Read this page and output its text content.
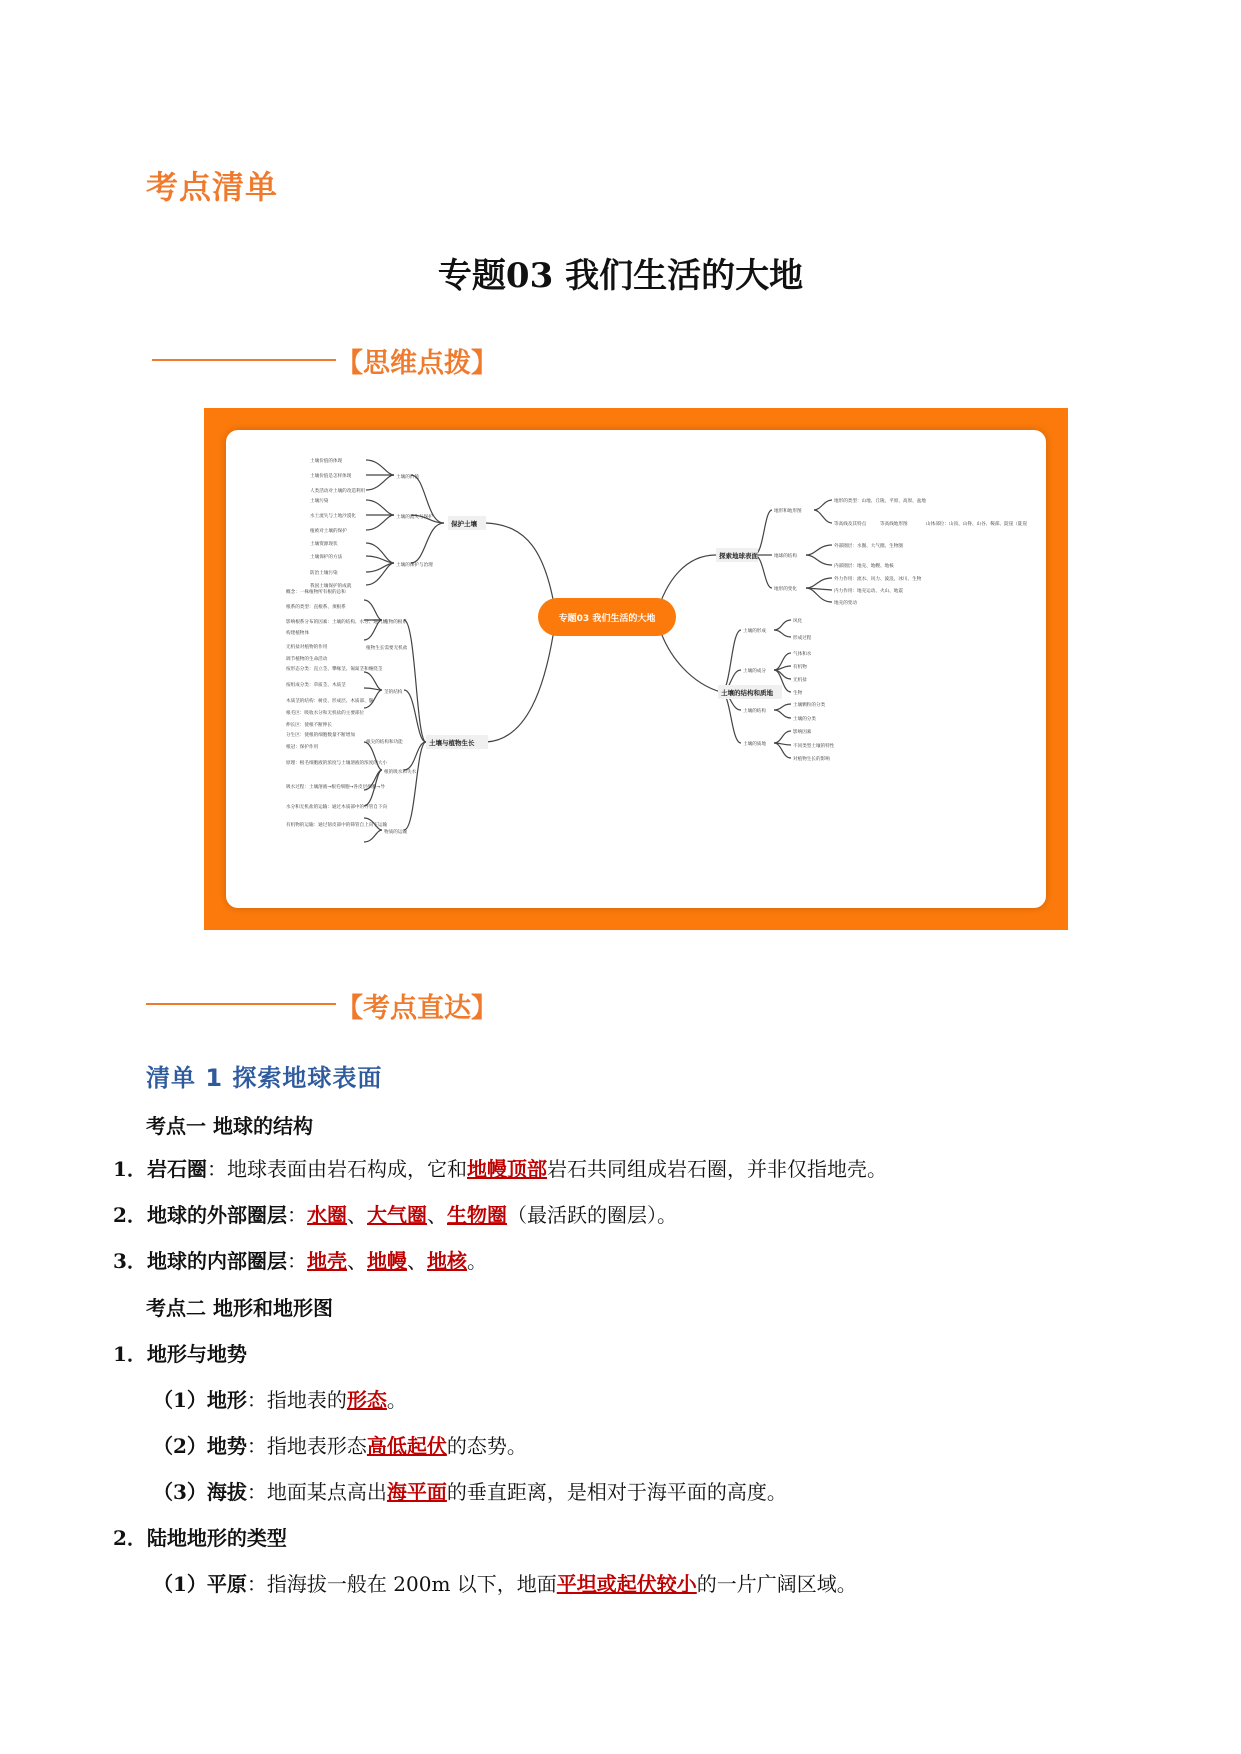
考点清单
专题03 我们生活的大地
【思维点拨】
专题03 我们生活的大地
保护土壤
土壤与植物生长
探索地球表面
土壤的结构和质地
土壤的价值
土壤的流失与保护
土壤的保护与治理
土壤价值的体现
土壤价值是怎样体现
人类活动对土壤的改造利用
土壤污染
水土流失与土地沙漠化
植被对土壤的保护
土壤资源现状
土壤保护的方法
防治土壤污染
我国土壤保护的成就
植物的根系
茎的结构
根的吸水和失水
物质的运输
概念：一株植物所有根的总和
根系的类型：直根系、须根系
影响根系分布的因素：土壤的结构、水分、通气状
构建植物体
无机盐对植物的作用
调节植物的生命活动
按形态分类：直立茎、攀缘茎、匍匐茎和缠绕茎
按组成分类：草质茎、木质茎
木质茎的结构：树皮、形成层、木质部、髓
根毛区：吸收水分和无机盐的主要部位
伸长区：使根不断伸长
分生区：使根的细胞数量不断增加
根冠：保护作用
原理：根毛细胞液的浓度与土壤溶液的浓度的大小
吸水过程：土壤溶液→根毛细胞→各皮层细胞→导
水分和无机盐的运输：通过木质部中的导管自下向
有机物的运输：通过韧皮部中的筛管自上向下运输
植物生长需要无机盐
根尖的结构和功能
地形和地形图
地球的结构
地形的变化
地形的类型：山地、丘陵、平原、高原、盆地
等高线及其特点	等高线地形图	山体部位：山顶、山脊、山谷、鞍部、陡崖（陡崖
外部圈层：水圈、大气圈、生物圈
内部圈层：地壳、地幔、地核
外力作用：流水、风力、波浪、冰川、生物
内力作用：地壳运动、火山、地震
地壳的变动
土壤的形成
土壤的成分
土壤的结构
土壤的质地
风化
形成过程
气体和水
有机物
无机盐
生物
土壤颗粒的分类
土壤的分类
影响因素
不同类型土壤的特性
对植物生长的影响
【考点直达】
清单 1 探索地球表面
考点一 地球的结构
1．岩石圈：地球表面由岩石构成，它和地幔顶部岩石共同组成岩石圈，并非仅指地壳。
2．地球的外部圈层：水圈、大气圈、生物圈（最活跃的圈层）。
3．地球的内部圈层：地壳、地幔、地核。
考点二 地形和地形图
1．地形与地势
（1）地形：指地表的形态。
（2）地势：指地表形态高低起伏的态势。
（3）海拔：地面某点高出海平面的垂直距离，是相对于海平面的高度。
2．陆地地形的类型
（1）平原：指海拔一般在 200m 以下，地面平坦或起伏较小的一片广阔区域。
